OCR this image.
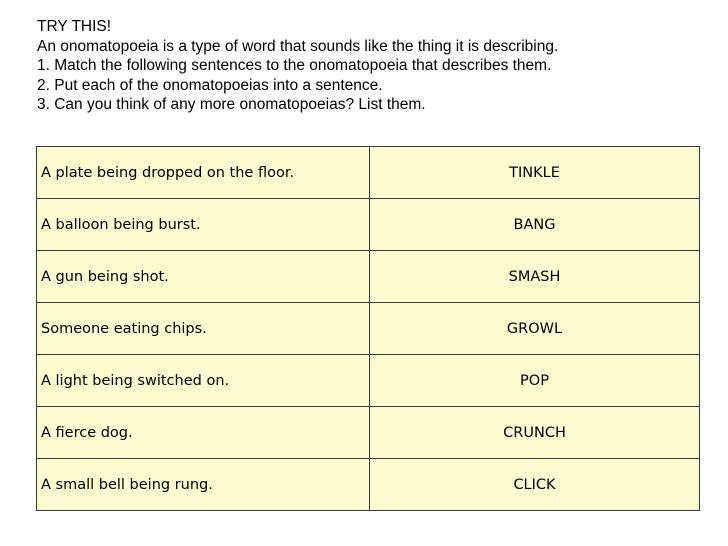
TRY THIS!
An onomatopoeia is a type of word that sounds like the thing it is describing.
1. Match the following sentences to the onomatopoeia that describes them.
2. Put each of the onomatopoeias into a sentence.
3. Can you think of any more onomatopoeias? List them.
A plate being dropped on the floor.	TINKLE
A balloon being burst.	BANG
A gun being shot.	SMASH
Someone eating chips.	GROWL
A light being switched on.	POP
A fierce dog.	CRUNCH
A small bell being rung.	CLICK
